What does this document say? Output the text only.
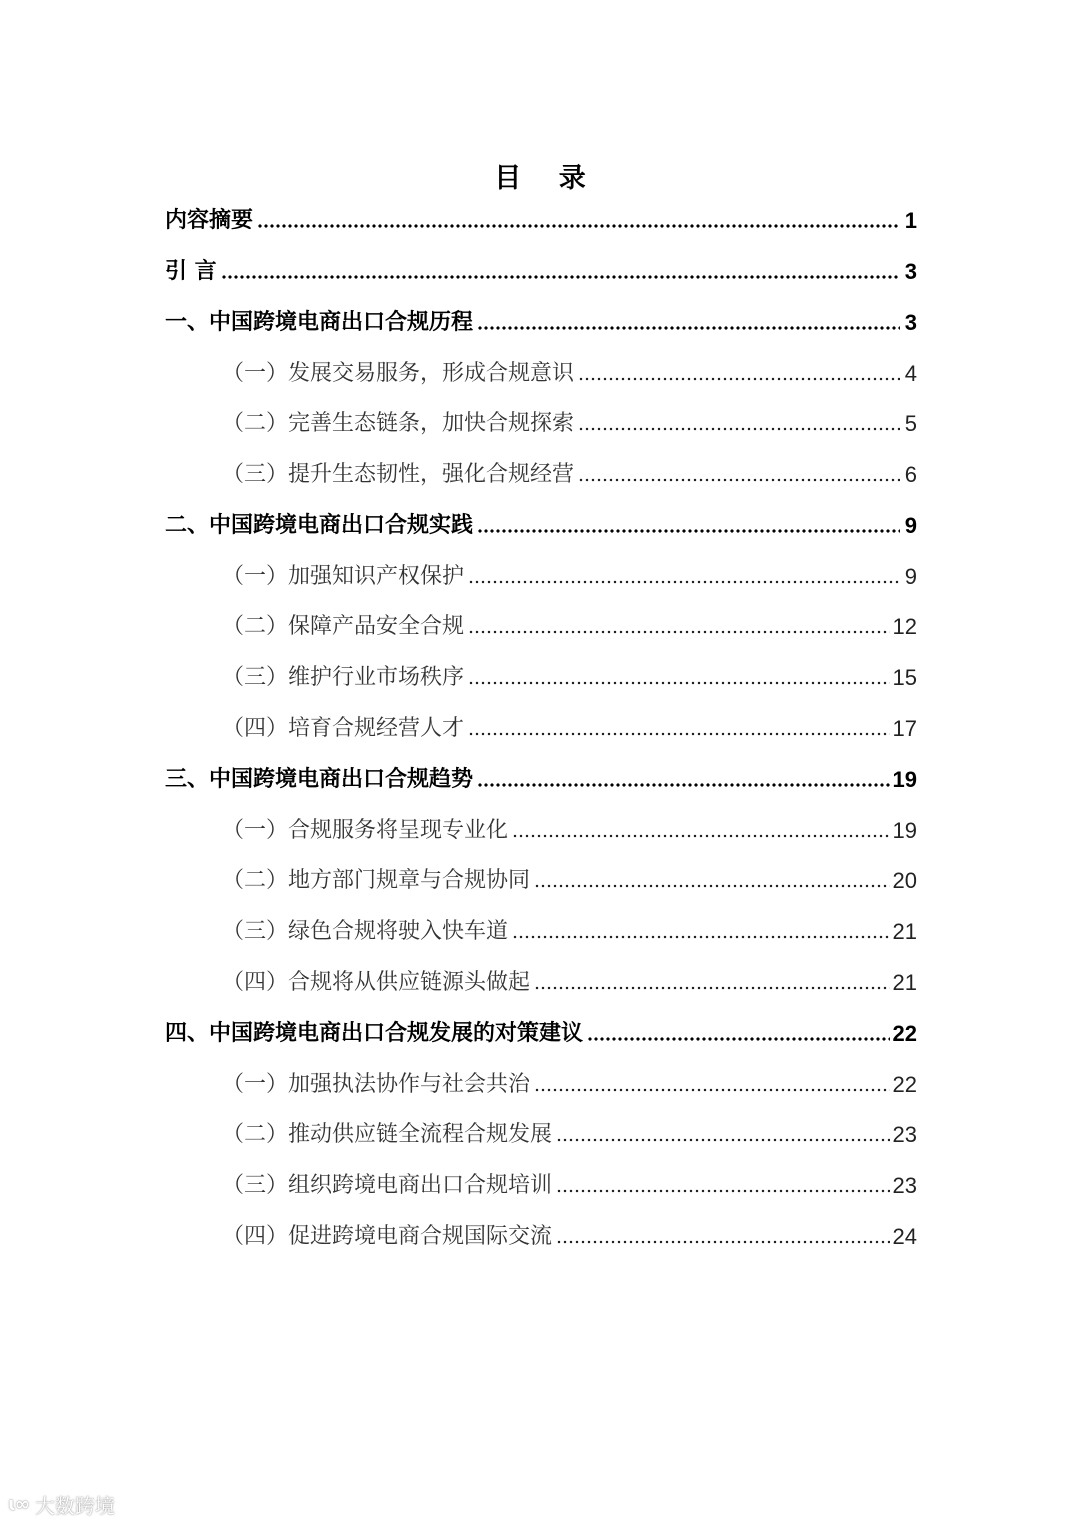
目 录
内容摘要	1
引 言	3
一、中国跨境电商出口合规历程	3
（一）发展交易服务，形成合规意识	4
（二）完善生态链条，加快合规探索	5
（三）提升生态韧性，强化合规经营	6
二、中国跨境电商出口合规实践	9
（一）加强知识产权保护	9
（二）保障产品安全合规	12
（三）维护行业市场秩序	15
（四）培育合规经营人才	17
三、中国跨境电商出口合规趋势	19
（一）合规服务将呈现专业化	19
（二）地方部门规章与合规协同	20
（三）绿色合规将驶入快车道	21
（四）合规将从供应链源头做起	21
四、中国跨境电商出口合规发展的对策建议	22
（一）加强执法协作与社会共治	22
（二）推动供应链全流程合规发展	23
（三）组织跨境电商出口合规培训	23
（四）促进跨境电商合规国际交流	24
ɩ∞ 大数跨境
